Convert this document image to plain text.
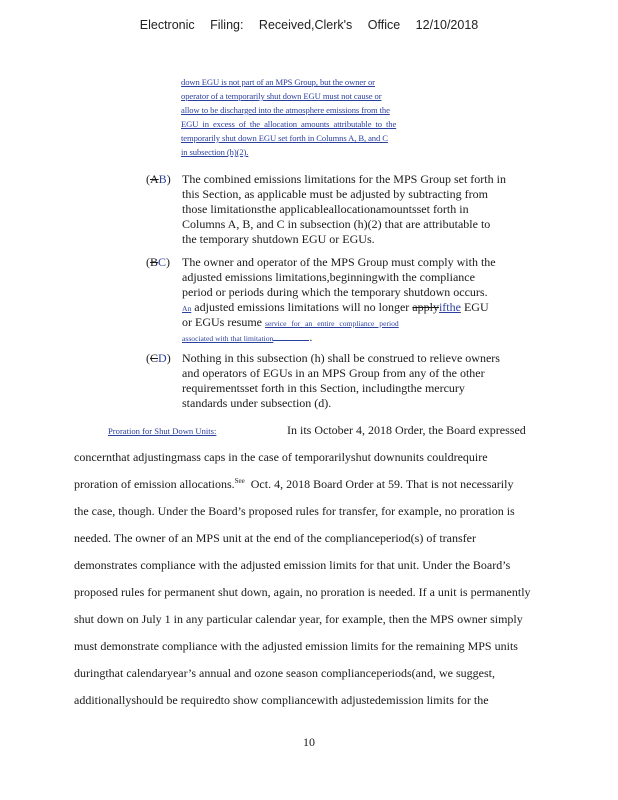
Electronic Filing: Received,Clerk's Office 12/10/2018
down EGU is not part of an MPS Group, but the owner or
operator of a temporarily shut down EGU must not cause or
allow to be discharged into the atmosphere emissions from the
EGU in excess of the allocation amounts attributable to the
temporarily shut down EGU set forth in Columns A, B, and C
in subsection (h)(2).
(AB) The combined emissions limitations for the MPS Group set forth in
this Section, as applicable must be adjusted by subtracting from
those limitationsthe applicableallocationamountsset forth in
Columns A, B, and C in subsection (h)(2) that are attributable to
the temporary shutdown EGU or EGUs.
(BC) The owner and operator of the MPS Group must comply with the
adjusted emissions limitations,beginningwith the compliance
period or periods during which the temporary shutdown occurs.
An adjusted emissions limitations will no longer applyifthe EGU
or EGUs resume service for an entire compliance period
associated with that limitation	.
(CD) Nothing in this subsection (h) shall be construed to relieve owners
and operators of EGUs in an MPS Group from any of the other
requirementsset forth in this Section, includingthe mercury
standards under subsection (d).
Proration for Shut Down Units:	In its October 4, 2018 Order, the Board expressed
concernthat adjustingmass caps in the case of temporarilyshut downunits couldrequire
proration of emission allocations.$^{See}$ Oct. 4, 2018 Board Order at 59. That is not necessarily
the case, though. Under the Board’s proposed rules for transfer, for example, no proration is
needed. The owner of an MPS unit at the end of the complianceperiod(s) of transfer
demonstrates compliance with the adjusted emission limits for that unit. Under the Board’s
proposed rules for permanent shut down, again, no proration is needed. If a unit is permanently
shut down on July 1 in any particular calendar year, for example, then the MPS owner simply
must demonstrate compliance with the adjusted emission limits for the remaining MPS units
duringthat calendaryear’s annual and ozone season complianceperiods(and, we suggest,
additionallyshould be requiredto show compliancewith adjustedemission limits for the
10
